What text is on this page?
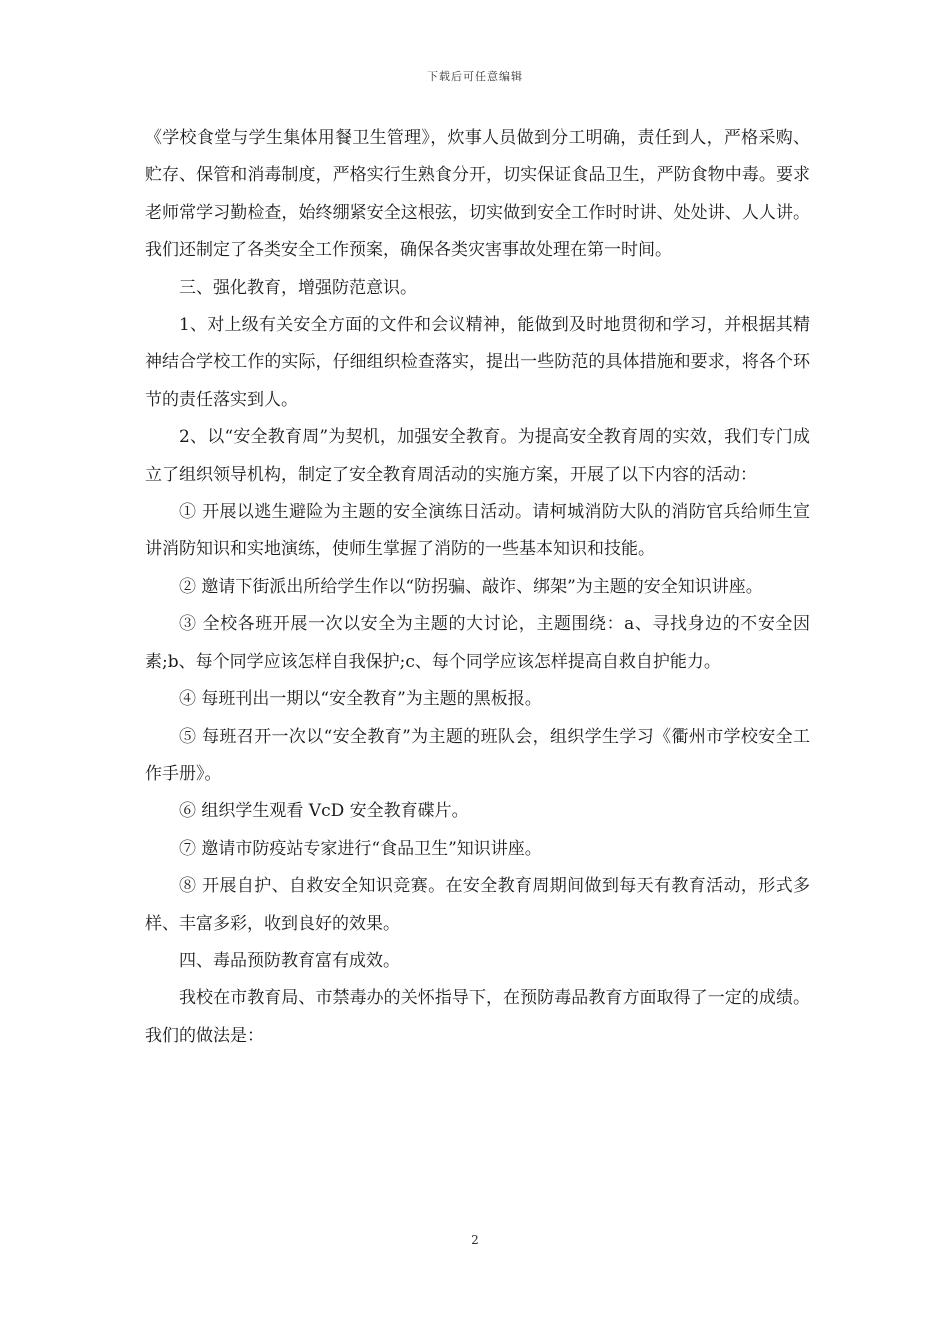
下载后可任意编辑

《学校食堂与学生集体用餐卫生管理》，炊事人员做到分工明确，责任到人，严格采购、贮存、保管和消毒制度，严格实行生熟食分开，切实保证食品卫生，严防食物中毒。要求老师常学习勤检查，始终绷紧安全这根弦，切实做到安全工作时时讲、处处讲、人人讲。我们还制定了各类安全工作预案，确保各类灾害事故处理在第一时间。

三、强化教育，增强防范意识。

1、对上级有关安全方面的文件和会议精神，能做到及时地贯彻和学习，并根据其精神结合学校工作的实际，仔细组织检查落实，提出一些防范的具体措施和要求，将各个环节的责任落实到人。

2、以“安全教育周”为契机，加强安全教育。为提高安全教育周的实效，我们专门成立了组织领导机构，制定了安全教育周活动的实施方案，开展了以下内容的活动：

① 开展以逃生避险为主题的安全演练日活动。请柯城消防大队的消防官兵给师生宣讲消防知识和实地演练，使师生掌握了消防的一些基本知识和技能。

② 邀请下街派出所给学生作以“防拐骗、敲诈、绑架”为主题的安全知识讲座。

③ 全校各班开展一次以安全为主题的大讨论，主题围绕：a、寻找身边的不安全因素;b、每个同学应该怎样自我保护;c、每个同学应该怎样提高自救自护能力。

④ 每班刊出一期以“安全教育”为主题的黑板报。

⑤ 每班召开一次以“安全教育”为主题的班队会，组织学生学习《衢州市学校安全工作手册》。

⑥ 组织学生观看 VcD 安全教育碟片。

⑦ 邀请市防疫站专家进行“食品卫生”知识讲座。

⑧ 开展自护、自救安全知识竞赛。在安全教育周期间做到每天有教育活动，形式多样、丰富多彩，收到良好的效果。

四、毒品预防教育富有成效。

我校在市教育局、市禁毒办的关怀指导下，在预防毒品教育方面取得了一定的成绩。我们的做法是：

2
